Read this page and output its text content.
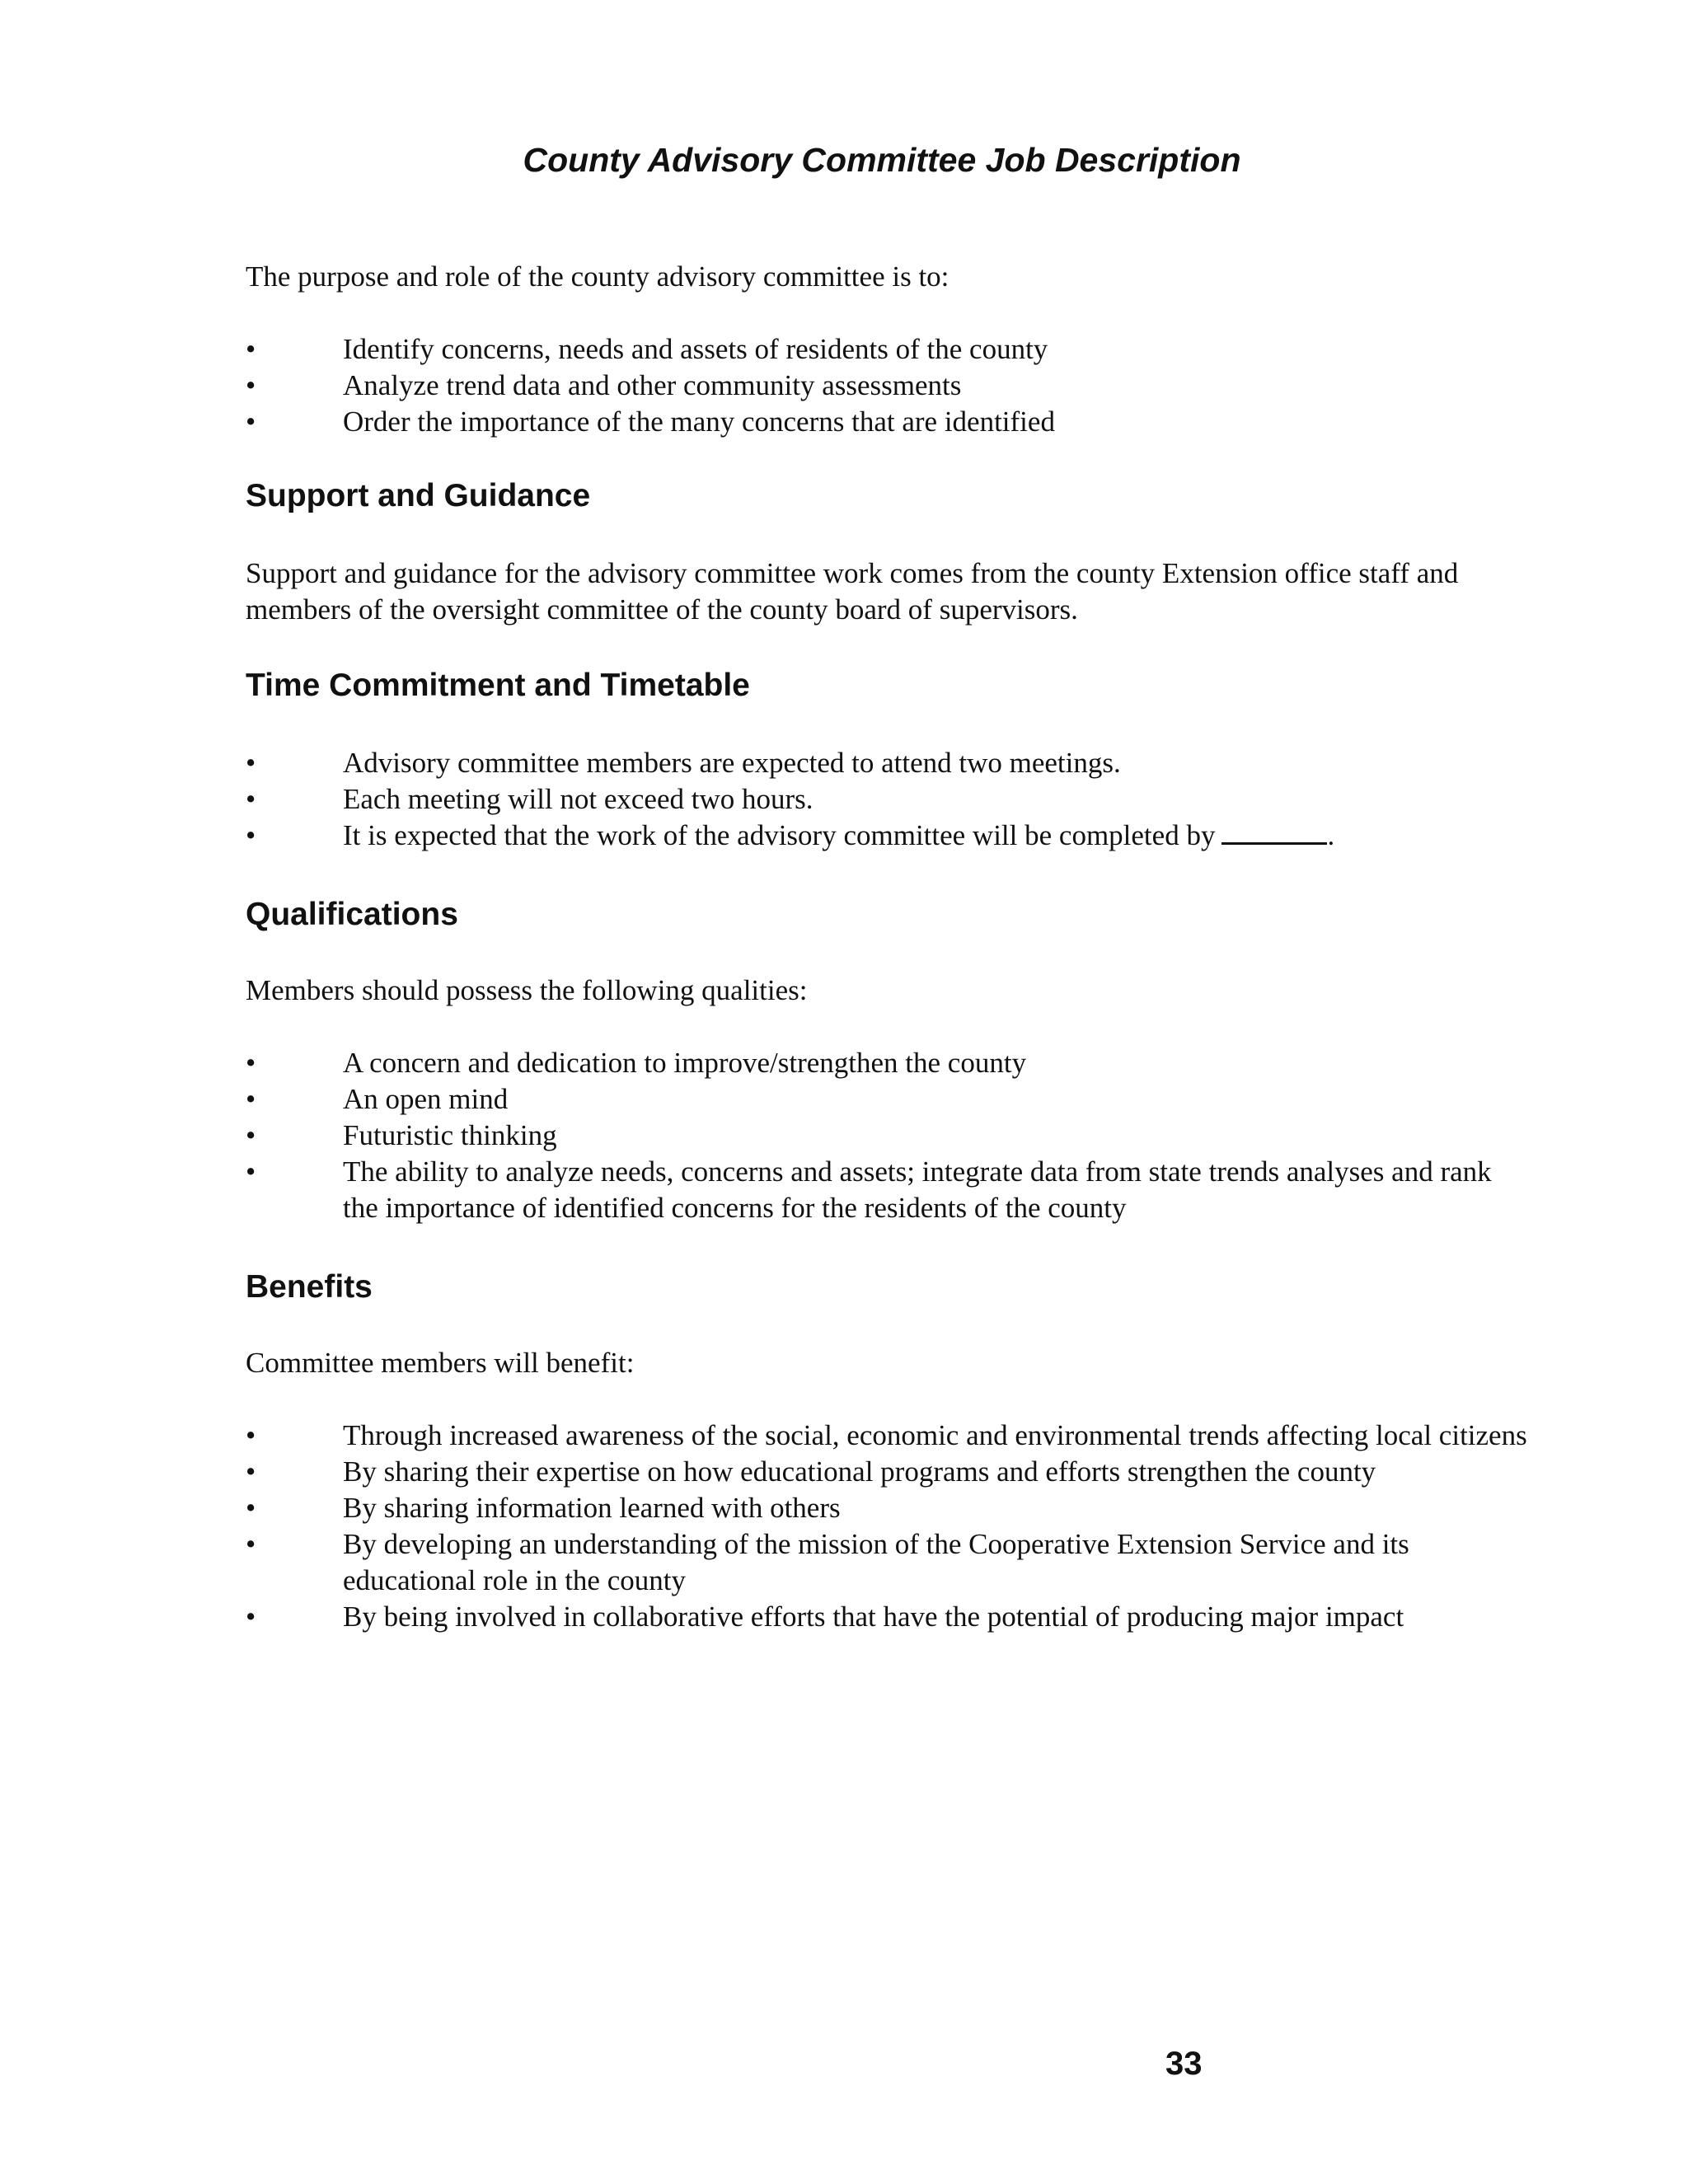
County Advisory Committee Job Description
The purpose and role of the county advisory committee is to:
•	Identify concerns, needs and assets of residents of the county
•	Analyze trend data and other community assessments
•	Order the importance of the many concerns that are identified
Support and Guidance
Support and guidance for the advisory committee work comes from the county Extension office staff and members of the oversight committee of the county board of supervisors.
Time Commitment and Timetable
•	Advisory committee members are expected to attend two meetings.
•	Each meeting will not exceed two hours.
•	It is expected that the work of the advisory committee will be completed by	.
Qualifications
Members should possess the following qualities:
•	A concern and dedication to improve/strengthen the county
•	An open mind
•	Futuristic thinking
•	The ability to analyze needs, concerns and assets; integrate data from state trends analyses and rank the importance of identified concerns for the residents of the county
Benefits
Committee members will benefit:
•	Through increased awareness of the social, economic and environmental trends affecting local citizens
•	By sharing their expertise on how educational programs and efforts strengthen the county
•	By sharing information learned with others
•	By developing an understanding of the mission of the Cooperative Extension Service and its educational role in the county
•	By being involved in collaborative efforts that have the potential of producing major impact
33
